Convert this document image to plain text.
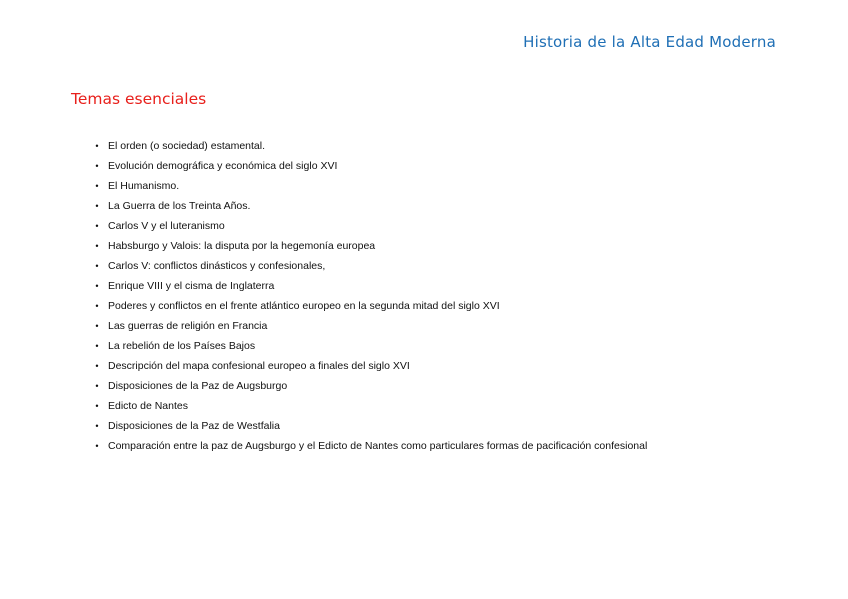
Historia de la Alta Edad Moderna
Temas esenciales
• El orden (o sociedad) estamental.
• Evolución demográfica y económica del siglo XVI
• El Humanismo.
• La Guerra de los Treinta Años.
• Carlos V y el luteranismo
• Habsburgo y Valois: la disputa por la hegemonía europea
• Carlos V: conflictos dinásticos y confesionales,
• Enrique VIII y el cisma de Inglaterra
• Poderes y conflictos en el frente atlántico europeo en la segunda mitad del siglo XVI
• Las guerras de religión en Francia
• La rebelión de los Países Bajos
• Descripción del mapa confesional europeo a finales del siglo XVI
• Disposiciones de la Paz de Augsburgo
• Edicto de Nantes
• Disposiciones de la Paz de Westfalia
• Comparación entre la paz de Augsburgo y el Edicto de Nantes como particulares formas de pacificación confesional
